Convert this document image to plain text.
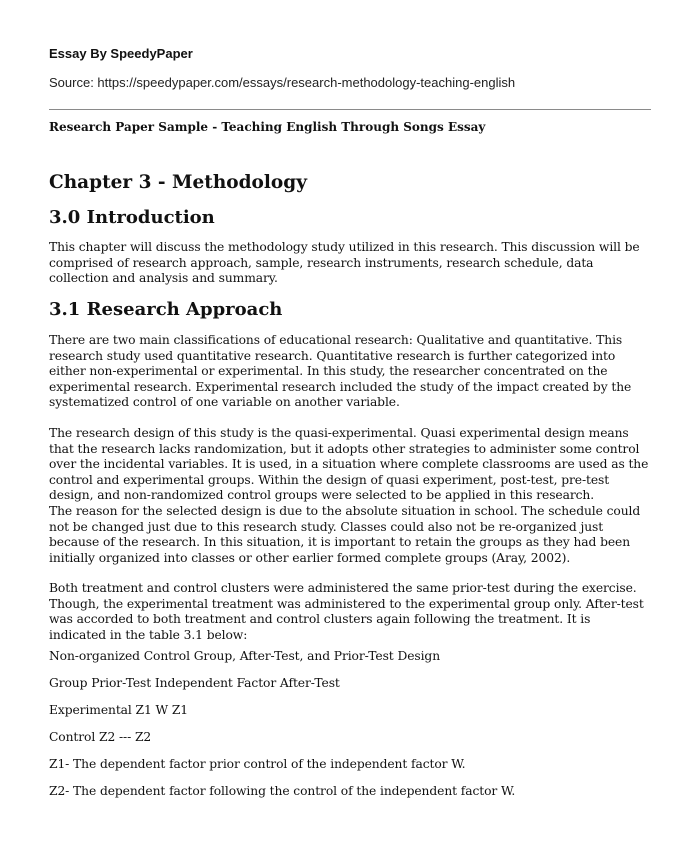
Essay By SpeedyPaper
Source: https://speedypaper.com/essays/research-methodology-teaching-english
Research Paper Sample - Teaching English Through Songs Essay
Chapter 3 - Methodology
3.0 Introduction

This chapter will discuss the methodology study utilized in this research. This discussion will be comprised of research approach, sample, research instruments, research schedule, data collection and analysis and summary.

3.1 Research Approach

There are two main classifications of educational research: Qualitative and quantitative. This research study used quantitative research. Quantitative research is further categorized into either non-experimental or experimental. In this study, the researcher concentrated on the experimental research. Experimental research included the study of the impact created by the systematized control of one variable on another variable.

The research design of this study is the quasi-experimental. Quasi experimental design means that the research lacks randomization, but it adopts other strategies to administer some control over the incidental variables. It is used, in a situation where complete classrooms are used as the control and experimental groups. Within the design of quasi experiment, post-test, pre-test design, and non-randomized control groups were selected to be applied in this research.

The reason for the selected design is due to the absolute situation in school. The schedule could not be changed just due to this research study. Classes could also not be re-organized just because of the research. In this situation, it is important to retain the groups as they had been initially organized into classes or other earlier formed complete groups (Aray, 2002).

Both treatment and control clusters were administered the same prior-test during the exercise. Though, the experimental treatment was administered to the experimental group only. After-test was accorded to both treatment and control clusters again following the treatment. It is indicated in the table 3.1 below:

Non-organized Control Group, After-Test, and Prior-Test Design

Group Prior-Test Independent Factor After-Test

Experimental Z1 W Z1

Control Z2 --- Z2

Z1- The dependent factor prior control of the independent factor W.

Z2- The dependent factor following the control of the independent factor W.
